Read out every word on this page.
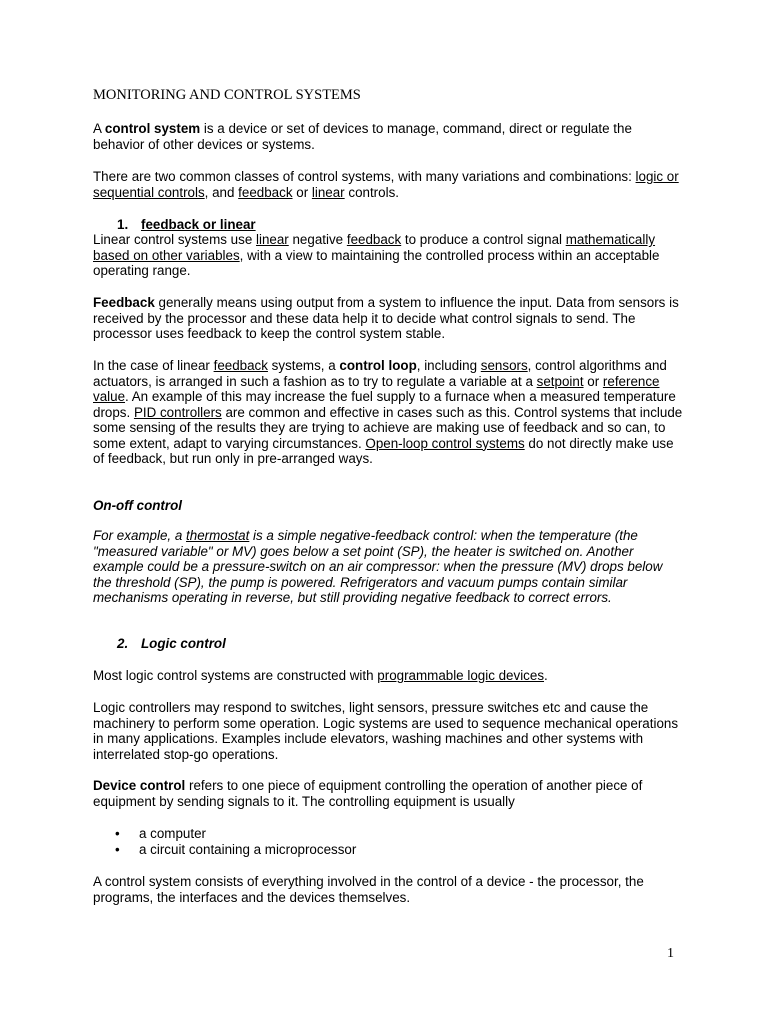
MONITORING AND CONTROL SYSTEMS

A control system is a device or set of devices to manage, command, direct or regulate the behavior of other devices or systems.

There are two common classes of control systems, with many variations and combinations: logic or sequential controls, and feedback or linear controls.

1. feedback or linear

Linear control systems use linear negative feedback to produce a control signal mathematically based on other variables, with a view to maintaining the controlled process within an acceptable operating range.

Feedback generally means using output from a system to influence the input. Data from sensors is received by the processor and these data help it to decide what control signals to send. The processor uses feedback to keep the control system stable.

In the case of linear feedback systems, a control loop, including sensors, control algorithms and actuators, is arranged in such a fashion as to try to regulate a variable at a setpoint or reference value. An example of this may increase the fuel supply to a furnace when a measured temperature drops. PID controllers are common and effective in cases such as this. Control systems that include some sensing of the results they are trying to achieve are making use of feedback and so can, to some extent, adapt to varying circumstances. Open-loop control systems do not directly make use of feedback, but run only in pre-arranged ways.

On-off control

For example, a thermostat is a simple negative-feedback control: when the temperature (the "measured variable" or MV) goes below a set point (SP), the heater is switched on. Another example could be a pressure-switch on an air compressor: when the pressure (MV) drops below the threshold (SP), the pump is powered. Refrigerators and vacuum pumps contain similar mechanisms operating in reverse, but still providing negative feedback to correct errors.

2. Logic control

Most logic control systems are constructed with programmable logic devices.

Logic controllers may respond to switches, light sensors, pressure switches etc and cause the machinery to perform some operation. Logic systems are used to sequence mechanical operations in many applications. Examples include elevators, washing machines and other systems with interrelated stop-go operations.

Device control refers to one piece of equipment controlling the operation of another piece of equipment by sending signals to it. The controlling equipment is usually

• a computer
• a circuit containing a microprocessor

A control system consists of everything involved in the control of a device - the processor, the programs, the interfaces and the devices themselves.

1
